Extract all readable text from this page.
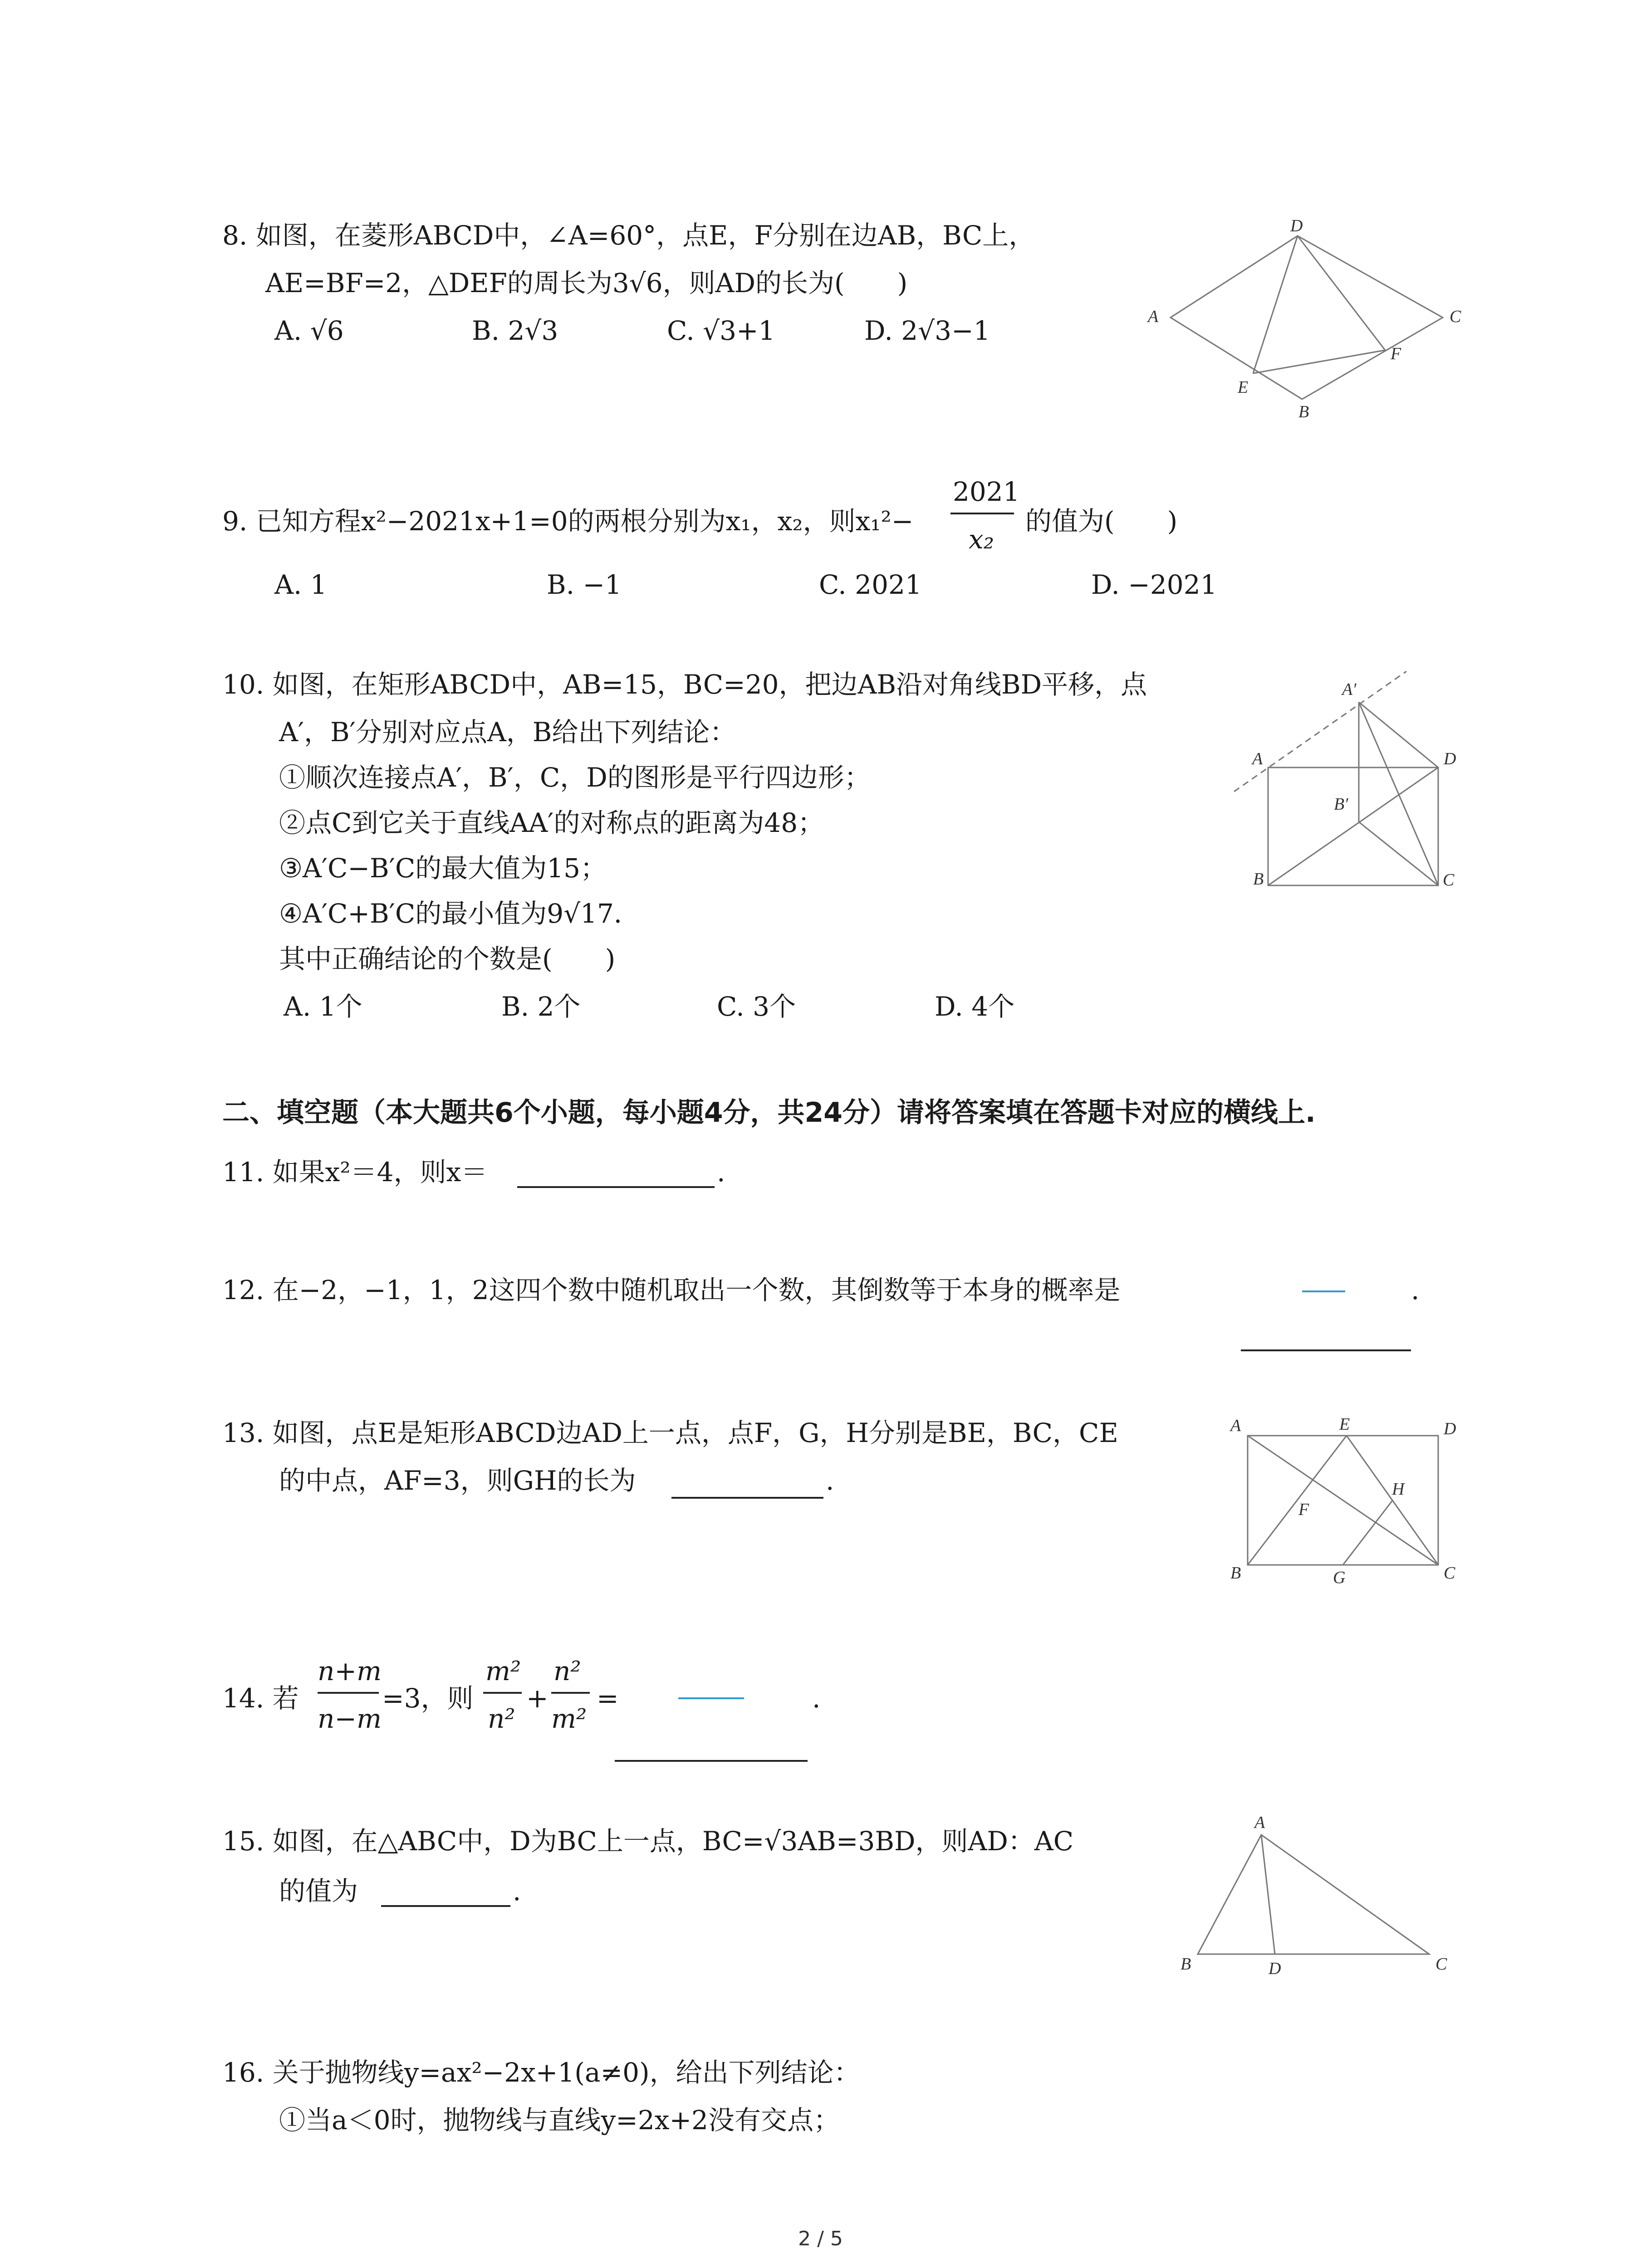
8. 如图，在菱形ABCD中，∠A=60°，点E，F分别在边AB，BC上，
AE=BF=2，△DEF的周长为3√6，则AD的长为(　　)
A. √6	B. 2√3	C. √3+1	D. 2√3−1	A
D
C
F
E
B
9. 已知方程x²−2021x+1=0的两根分别为x₁，x₂，则x₁²−
2021
x₂
的值为(　　)
A. 1	B. −1	C. 2021	D. −2021
10. 如图，在矩形ABCD中，AB=15，BC=20，把边AB沿对角线BD平移，点
A′，B′分别对应点A，B给出下列结论：
①顺次连接点A′，B′，C，D的图形是平行四边形；
②点C到它关于直线AA′的对称点的距离为48；
③A′C−B′C的最大值为15；
④A′C+B′C的最小值为9√17．
其中正确结论的个数是(　　)
A. 1个	B. 2个	C. 3个	D. 4个
A′
A	D
B′
B	C
二、填空题（本大题共6个小题，每小题4分，共24分）请将答案填在答题卡对应的横线上.
11. 如果x²＝4，则x＝	.
12. 在−2，−1，1，2这四个数中随机取出一个数，其倒数等于本身的概率是	.
13. 如图，点E是矩形ABCD边AD上一点，点F，G，H分别是BE，BC，CE
的中点，AF=3，则GH的长为	.
A	E	D
H
F
B	G	C
14. 若
n+m
n−m
=3，则
m²
n²
+
n²
m²
=	.
15. 如图，在△ABC中，D为BC上一点，BC=√3AB=3BD，则AD：AC
的值为	.
A
B	D	C
16. 关于抛物线y=ax²−2x+1(a≠0)，给出下列结论：
①当a＜0时，抛物线与直线y=2x+2没有交点；
2 / 5
